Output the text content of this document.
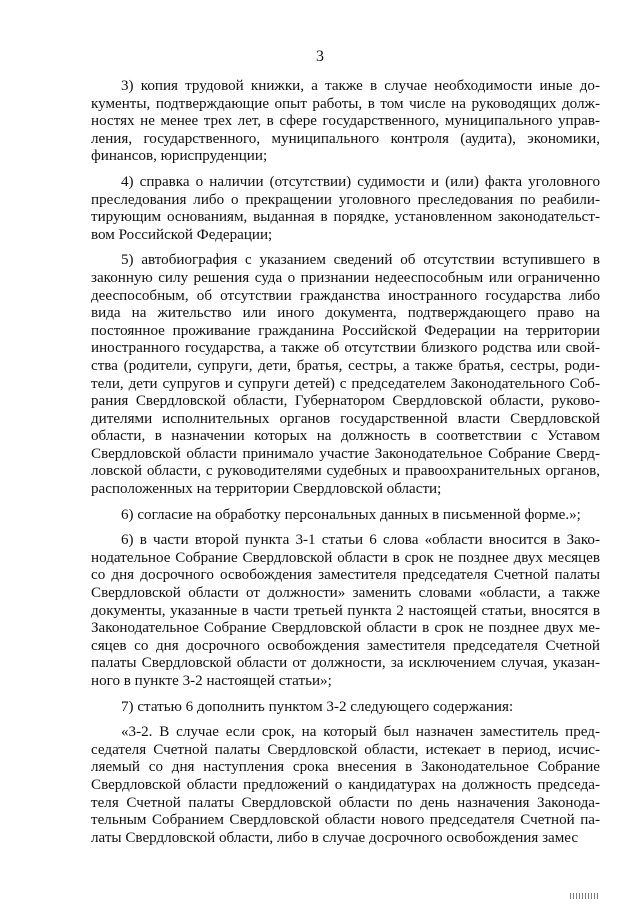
3

3) копия трудовой книжки, а также в случае необходимости иные документы, подтверждающие опыт работы, в том числе на руководящих должностях не менее трех лет, в сфере государственного, муниципального управления, государственного, муниципального контроля (аудита), экономики, финансов, юриспруденции;

4) справка о наличии (отсутствии) судимости и (или) факта уголовного преследования либо о прекращении уголовного преследования по реабилитирующим основаниям, выданная в порядке, установленном законодательством Российской Федерации;

5) автобиография с указанием сведений об отсутствии вступившего в законную силу решения суда о признании недееспособным или ограниченно дееспособным, об отсутствии гражданства иностранного государства либо вида на жительство или иного документа, подтверждающего право на постоянное проживание гражданина Российской Федерации на территории иностранного государства, а также об отсутствии близкого родства или свойства (родители, супруги, дети, братья, сестры, а также братья, сестры, родители, дети супругов и супруги детей) с председателем Законодательного Собрания Свердловской области, Губернатором Свердловской области, руководителями исполнительных органов государственной власти Свердловской области, в назначении которых на должность в соответствии с Уставом Свердловской области принимало участие Законодательное Собрание Свердловской области, с руководителями судебных и правоохранительных органов, расположенных на территории Свердловской области;

6) согласие на обработку персональных данных в письменной форме.»;

6) в части второй пункта 3-1 статьи 6 слова «области вносится в Законодательное Собрание Свердловской области в срок не позднее двух месяцев со дня досрочного освобождения заместителя председателя Счетной палаты Свердловской области от должности» заменить словами «области, а также документы, указанные в части третьей пункта 2 настоящей статьи, вносятся в Законодательное Собрание Свердловской области в срок не позднее двух месяцев со дня досрочного освобождения заместителя председателя Счетной палаты Свердловской области от должности, за исключением случая, указанного в пункте 3-2 настоящей статьи»;

7) статью 6 дополнить пунктом 3-2 следующего содержания:

«3-2. В случае если срок, на который был назначен заместитель председателя Счетной палаты Свердловской области, истекает в период, исчисляемый со дня наступления срока внесения в Законодательное Собрание Свердловской области предложений о кандидатурах на должность председателя Счетной палаты Свердловской области по день назначения Законодательным Собранием Свердловской области нового председателя Счетной палаты Свердловской области, либо в случае досрочного освобождения замес
